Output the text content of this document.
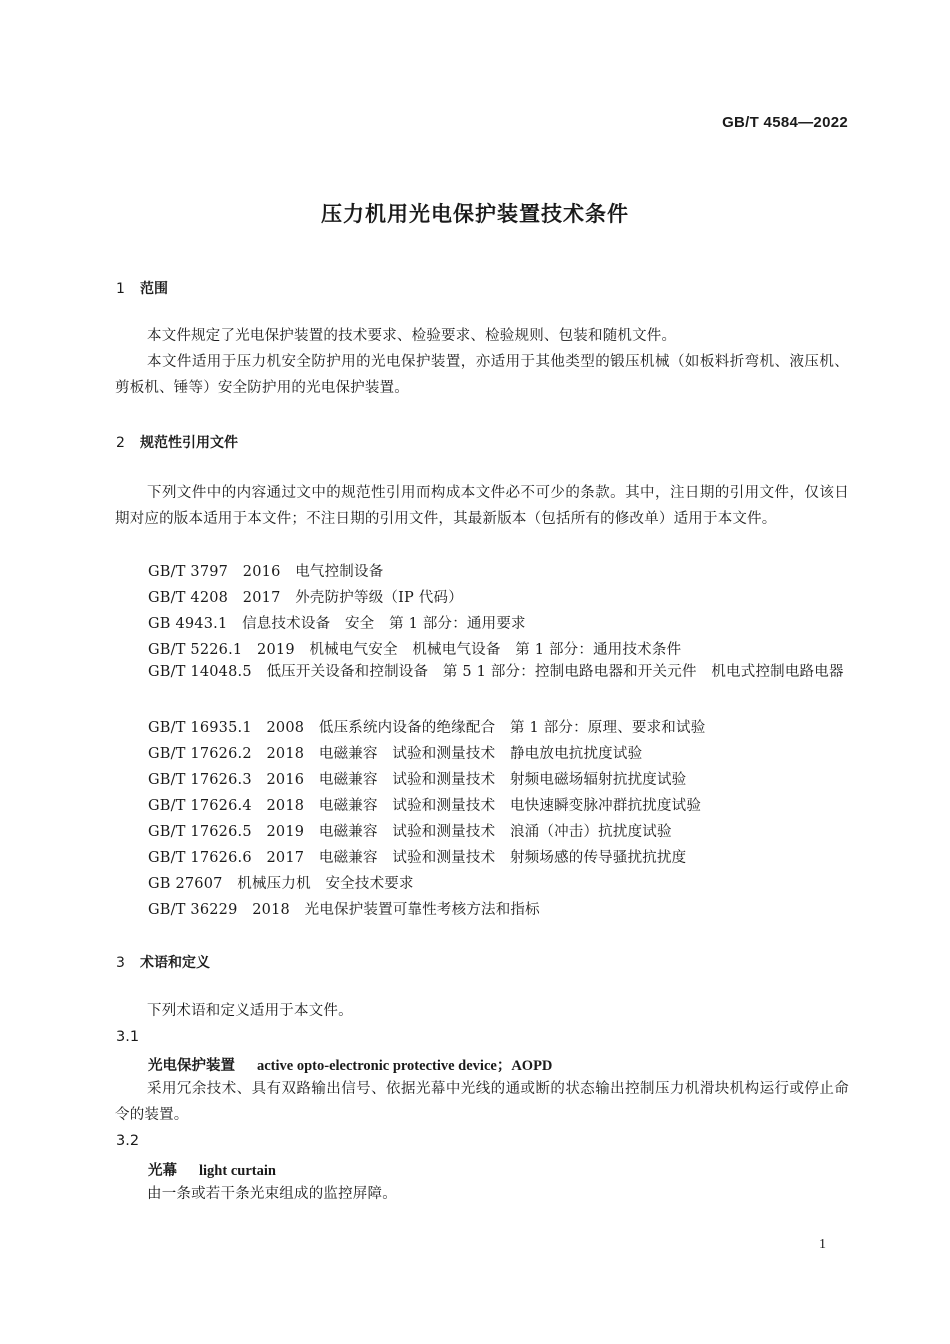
GB/T 4584—2022
压力机用光电保护装置技术条件
1 范围
本文件规定了光电保护装置的技术要求、检验要求、检验规则、包装和随机文件。
本文件适用于压力机安全防护用的光电保护装置，亦适用于其他类型的锻压机械（如板料折弯机、液压机、剪板机、锤等）安全防护用的光电保护装置。
2 规范性引用文件
下列文件中的内容通过文中的规范性引用而构成本文件必不可少的条款。其中，注日期的引用文件，仅该日期对应的版本适用于本文件；不注日期的引用文件，其最新版本（包括所有的修改单）适用于本文件。
GB/T 3797　2016　电气控制设备
GB/T 4208　2017　外壳防护等级（IP 代码）
GB 4943.1　信息技术设备　安全　第 1 部分：通用要求
GB/T 5226.1　2019　机械电气安全　机械电气设备　第 1 部分：通用技术条件
GB/T 14048.5　低压开关设备和控制设备　第 5 1 部分：控制电路电器和开关元件　机电式控制电路电器
GB/T 16935.1　2008　低压系统内设备的绝缘配合　第 1 部分：原理、要求和试验
GB/T 17626.2　2018　电磁兼容　试验和测量技术　静电放电抗扰度试验
GB/T 17626.3　2016　电磁兼容　试验和测量技术　射频电磁场辐射抗扰度试验
GB/T 17626.4　2018　电磁兼容　试验和测量技术　电快速瞬变脉冲群抗扰度试验
GB/T 17626.5　2019　电磁兼容　试验和测量技术　浪涌（冲击）抗扰度试验
GB/T 17626.6　2017　电磁兼容　试验和测量技术　射频场感的传导骚扰抗扰度
GB 27607　机械压力机　安全技术要求
GB/T 36229　2018　光电保护装置可靠性考核方法和指标
3 术语和定义
下列术语和定义适用于本文件。
3.1
光电保护装置 active opto-electronic protective device；AOPD
采用冗余技术、具有双路输出信号、依据光幕中光线的通或断的状态输出控制压力机滑块机构运行或停止命令的装置。
3.2
光幕 light curtain
由一条或若干条光束组成的监控屏障。
1
